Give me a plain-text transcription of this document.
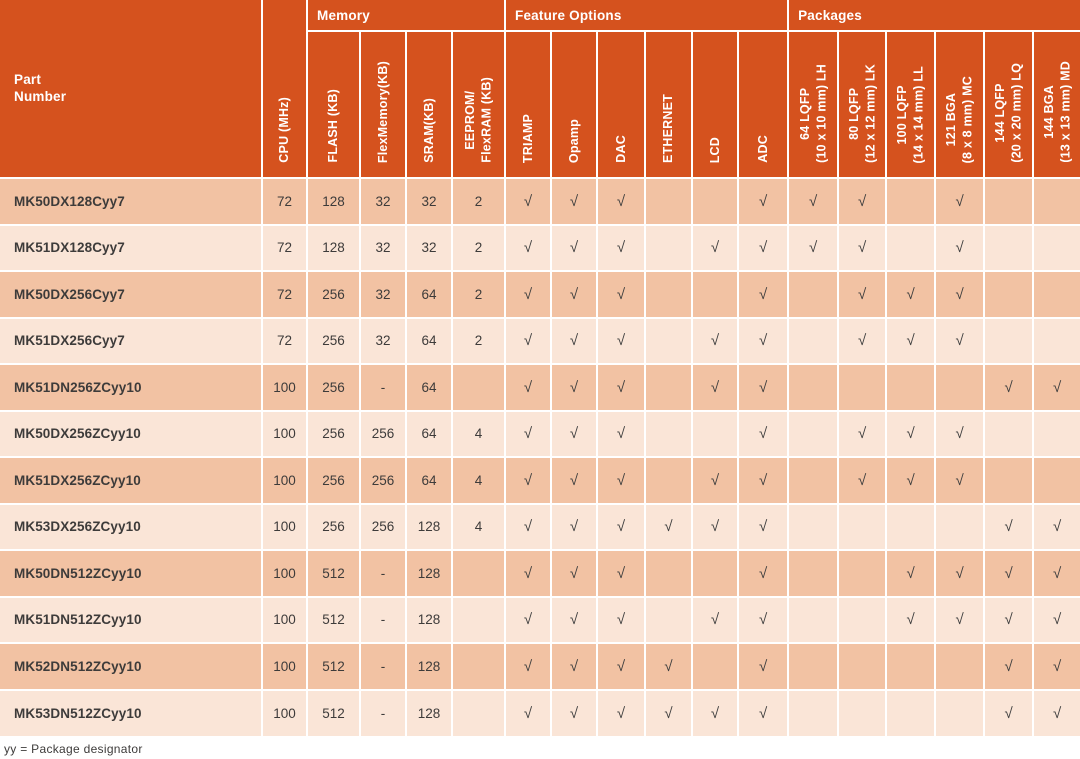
Part
Number	CPU (MHz)	Memory				Feature Options						Packages					
		FLASH (KB)	FlexMemory(KB)	SRAM(KB)	EEPROM/
FlexRAM (KB)	TRIAMP	Opamp	DAC	ETHERNET	LCD	ADC	64 LQFP
(10 x 10 mm) LH	80 LQFP
(12 x 12 mm) LK	100 LQFP
(14 x 14 mm) LL	121 BGA
(8 x 8 mm) MC	144 LQFP
(20 x 20 mm) LQ	144 BGA
(13 x 13 mm) MD
MK50DX128Cyy7	72	128	32	32	2	√	√	√			√	√	√		√		
MK51DX128Cyy7	72	128	32	32	2	√	√	√		√	√	√	√		√		
MK50DX256Cyy7	72	256	32	64	2	√	√	√			√		√	√	√		
MK51DX256Cyy7	72	256	32	64	2	√	√	√		√	√		√	√	√		
MK51DN256ZCyy10	100	256	-	64		√	√	√		√	√					√	√
MK50DX256ZCyy10	100	256	256	64	4	√	√	√			√		√	√	√		
MK51DX256ZCyy10	100	256	256	64	4	√	√	√		√	√		√	√	√		
MK53DX256ZCyy10	100	256	256	128	4	√	√	√	√	√	√					√	√
MK50DN512ZCyy10	100	512	-	128		√	√	√			√			√	√	√	√
MK51DN512ZCyy10	100	512	-	128		√	√	√		√	√			√	√	√	√
MK52DN512ZCyy10	100	512	-	128		√	√	√	√		√					√	√
MK53DN512ZCyy10	100	512	-	128		√	√	√	√	√	√					√	√
yy = Package designator
